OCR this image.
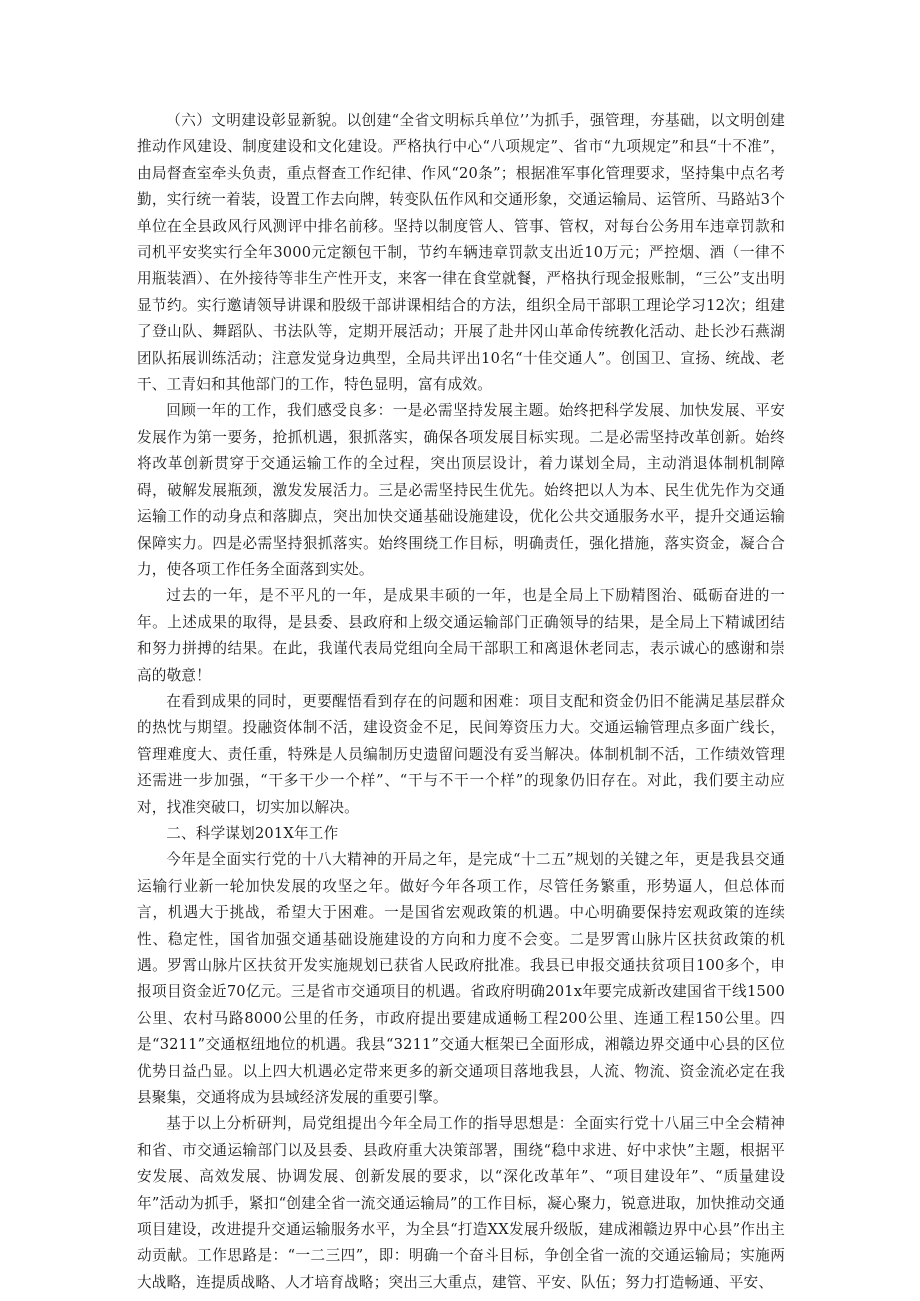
（六）文明建设彰显新貌。以创建“全省文明标兵单位’’为抓手，强管理，夯基础，以文明创建推动作风建设、制度建设和文化建设。严格执行中心“八项规定”、省市“九项规定”和县“十不准”，由局督查室牵头负责，重点督查工作纪律、作风“20条”；根据准军事化管理要求，坚持集中点名考勤，实行统一着装，设置工作去向牌，转变队伍作风和交通形象，交通运输局、运管所、马路站3个单位在全县政风行风测评中排名前移。坚持以制度管人、管事、管权，对每台公务用车违章罚款和司机平安奖实行全年3000元定额包干制，节约车辆违章罚款支出近10万元；严控烟、酒（一律不用瓶装酒）、在外接待等非生产性开支，来客一律在食堂就餐，严格执行现金报账制，“三公”支出明显节约。实行邀请领导讲课和股级干部讲课相结合的方法，组织全局干部职工理论学习12次；组建了登山队、舞蹈队、书法队等，定期开展活动；开展了赴井冈山革命传统教化活动、赴长沙石燕湖团队拓展训练活动；注意发觉身边典型，全局共评出10名“十佳交通人”。创国卫、宣扬、统战、老干、工青妇和其他部门的工作，特色显明，富有成效。

回顾一年的工作，我们感受良多：一是必需坚持发展主题。始终把科学发展、加快发展、平安发展作为第一要务，抢抓机遇，狠抓落实，确保各项发展目标实现。二是必需坚持改革创新。始终将改革创新贯穿于交通运输工作的全过程，突出顶层设计，着力谋划全局，主动消退体制机制障碍，破解发展瓶颈，激发发展活力。三是必需坚持民生优先。始终把以人为本、民生优先作为交通运输工作的动身点和落脚点，突出加快交通基础设施建设，优化公共交通服务水平，提升交通运输保障实力。四是必需坚持狠抓落实。始终围绕工作目标，明确责任，强化措施，落实资金，凝合合力，使各项工作任务全面落到实处。

过去的一年，是不平凡的一年，是成果丰硕的一年，也是全局上下励精图治、砥砺奋进的一年。上述成果的取得，是县委、县政府和上级交通运输部门正确领导的结果，是全局上下精诚团结和努力拼搏的结果。在此，我谨代表局党组向全局干部职工和离退休老同志，表示诚心的感谢和崇高的敬意！

在看到成果的同时，更要醒悟看到存在的问题和困难：项目支配和资金仍旧不能满足基层群众的热忱与期望。投融资体制不活，建设资金不足，民间筹资压力大。交通运输管理点多面广线长，管理难度大、责任重，特殊是人员编制历史遗留问题没有妥当解决。体制机制不活，工作绩效管理还需进一步加强，“干多干少一个样”、“干与不干一个样”的现象仍旧存在。对此，我们要主动应对，找准突破口，切实加以解决。

二、科学谋划201X年工作

今年是全面实行党的十八大精神的开局之年，是完成“十二五”规划的关键之年，更是我县交通运输行业新一轮加快发展的攻坚之年。做好今年各项工作，尽管任务繁重，形势逼人，但总体而言，机遇大于挑战，希望大于困难。一是国省宏观政策的机遇。中心明确要保持宏观政策的连续性、稳定性，国省加强交通基础设施建设的方向和力度不会变。二是罗霄山脉片区扶贫政策的机遇。罗霄山脉片区扶贫开发实施规划已获省人民政府批准。我县已申报交通扶贫项目100多个，申报项目资金近70亿元。三是省市交通项目的机遇。省政府明确201x年要完成新改建国省干线1500公里、农村马路8000公里的任务，市政府提出要建成通畅工程200公里、连通工程150公里。四是“3211”交通枢纽地位的机遇。我县“3211”交通大框架已全面形成，湘赣边界交通中心县的区位优势日益凸显。以上四大机遇必定带来更多的新交通项目落地我县，人流、物流、资金流必定在我县聚集，交通将成为县域经济发展的重要引擎。

基于以上分析研判，局党组提出今年全局工作的指导思想是：全面实行党十八届三中全会精神和省、市交通运输部门以及县委、县政府重大决策部署，围绕“稳中求进、好中求快”主题，根据平安发展、高效发展、协调发展、创新发展的要求，以“深化改革年”、“项目建设年”、“质量建设年”活动为抓手，紧扣“创建全省一流交通运输局”的工作目标，凝心聚力，锐意进取，加快推动交通项目建设，改进提升交通运输服务水平，为全县“打造XX发展升级版，建成湘赣边界中心县”作出主动贡献。工作思路是：“一二三四”，即：明确一个奋斗目标，争创全省一流的交通运输局；实施两大战略，连提质战略、人才培育战略；突出三大重点，建管、平安、队伍；努力打造畅通、平安、
